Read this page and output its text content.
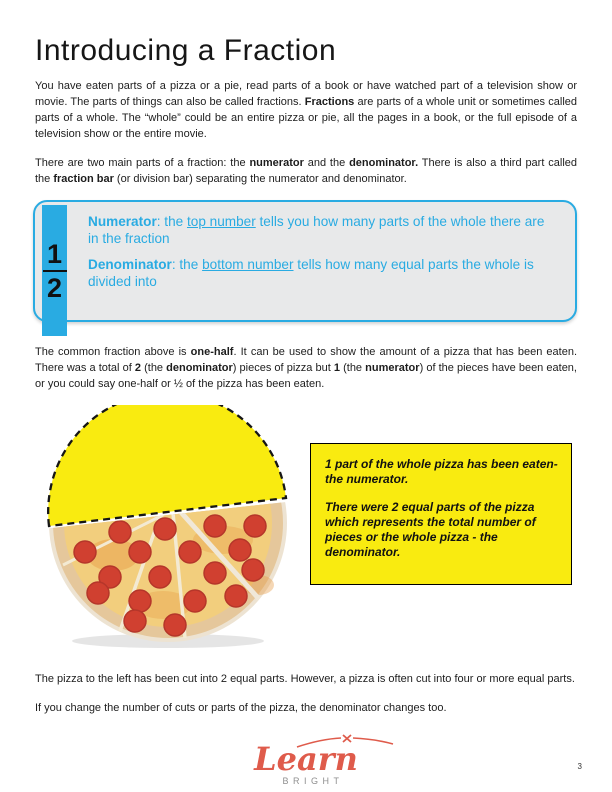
Introducing a Fraction

You have eaten parts of a pizza or a pie, read parts of a book or have watched part of a television show or movie. The parts of things can also be called fractions. Fractions are parts of a whole unit or sometimes called parts of a whole. The “whole” could be an entire pizza or pie, all the pages in a book, or the full episode of a television show or the entire movie.

There are two main parts of a fraction: the numerator and the denominator. There is also a third part called the fraction bar (or division bar) separating the numerator and denominator.

1
2

Numerator: the top number tells you how many parts of the whole there are in the fraction

Denominator: the bottom number tells how many equal parts the whole is divided into

The common fraction above is one-half. It can be used to show the amount of a pizza that has been eaten. There was a total of 2 (the denominator) pieces of pizza but 1 (the numerator) of the pieces have been eaten, or you could say one-half or ½ of the pizza has been eaten.

1 part of the whole pizza has been eaten- the numerator.

There were 2 equal parts of the pizza which represents the total number of pieces or the whole pizza - the denominator.

The pizza to the left has been cut into 2 equal parts. However, a pizza is often cut into four or more equal parts.

If you change the number of cuts or parts of the pizza, the denominator changes too.

Learn
BRIGHT
3
